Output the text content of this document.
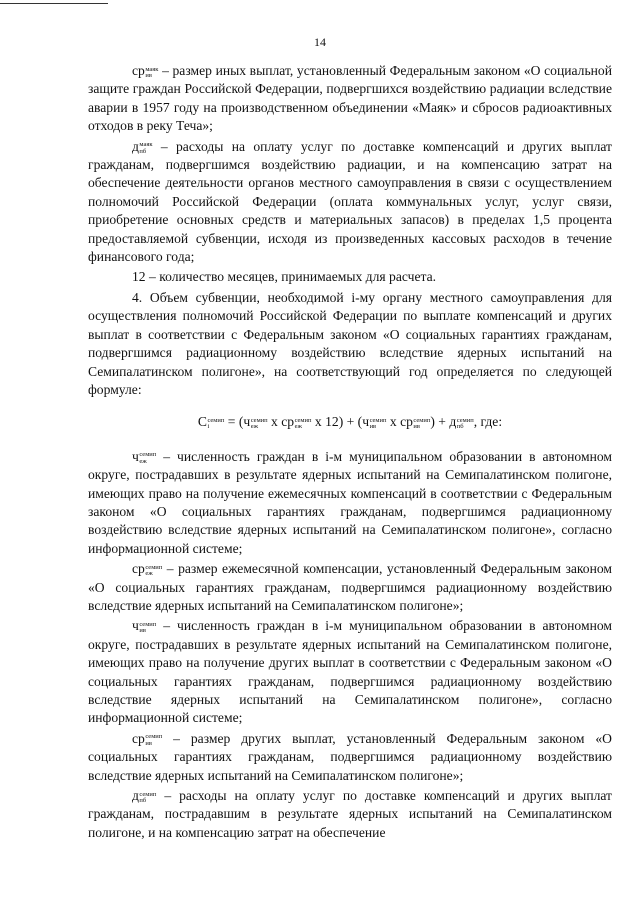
14

ср маяк
ив – размер иных выплат, установленный Федеральным законом «О социальной защите граждан Российской Федерации, подвергшихся воздействию радиации вследствие аварии в 1957 году на производственном объединении «Маяк» и сбросов радиоактивных отходов в реку Теча»;

д маяк
пб – расходы на оплату услуг по доставке компенсаций и других выплат гражданам, подвергшимся воздействию радиации, и на компенсацию затрат на обеспечение деятельности органов местного самоуправления в связи с осуществлением полномочий Российской Федерации (оплата коммунальных услуг, услуг связи, приобретение основных средств и материальных запасов) в пределах 1,5 процента предоставляемой субвенции, исходя из произведенных кассовых расходов в течение финансового года;

12 – количество месяцев, принимаемых для расчета.

4. Объем субвенции, необходимой i-му органу местного самоуправления для осуществления полномочий Российской Федерации по выплате компенсаций и других выплат в соответствии с Федеральным законом «О социальных гарантиях гражданам, подвергшимся радиационному воздействию вследствие ядерных испытаний на Семипалатинском полигоне», на соответствующий год определяется по следующей формуле:

С семип
i	= (ч семип
еж x ср семип
еж x 12) + (ч семип
ив x ср семип
ив ) + д семип
пб , где:

ч семип
еж – численность граждан в i-м муниципальном образовании в автономном округе, пострадавших в результате ядерных испытаний на Семипалатинском полигоне, имеющих право на получение ежемесячных компенсаций в соответствии с Федеральным законом «О социальных гарантиях гражданам, подвергшимся радиационному воздействию вследствие ядерных испытаний на Семипалатинском полигоне», согласно информационной системе;

ср семип
еж – размер ежемесячной компенсации, установленный Федеральным законом «О социальных гарантиях гражданам, подвергшимся радиационному воздействию вследствие ядерных испытаний на Семипалатинском полигоне»;

ч семип
ив – численность граждан в i-м муниципальном образовании в автономном округе, пострадавших в результате ядерных испытаний на Семипалатинском полигоне, имеющих право на получение других выплат в соответствии с Федеральным законом «О социальных гарантиях гражданам, подвергшимся радиационному воздействию вследствие ядерных испытаний на Семипалатинском полигоне», согласно информационной системе;

ср семип
ив – размер других выплат, установленный Федеральным законом «О социальных гарантиях гражданам, подвергшимся радиационному воздействию вследствие ядерных испытаний на Семипалатинском полигоне»;

д семип
пб – расходы на оплату услуг по доставке компенсаций и других выплат гражданам, пострадавшим в результате ядерных испытаний на Семипалатинском полигоне, и на компенсацию затрат на обеспечение
